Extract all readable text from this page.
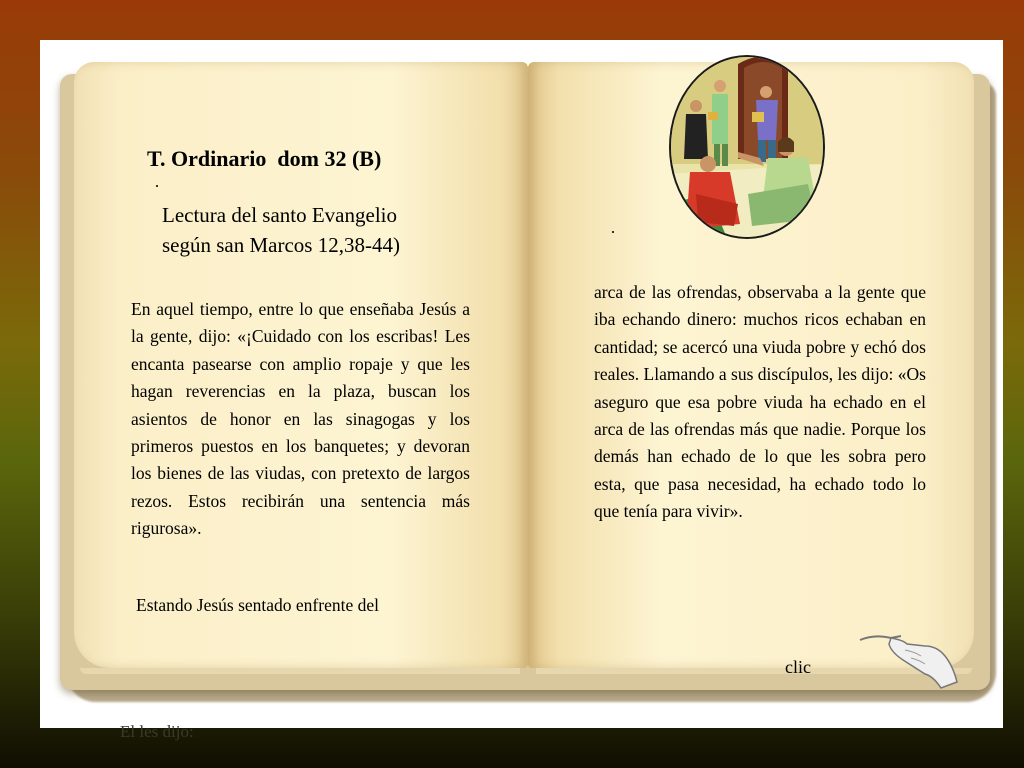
El les dijo:

T. Ordinario  dom 32 (B)

Lectura del santo Evangelio
según san Marcos 12,38-44)

En aquel tiempo, entre lo que enseñaba Jesús a la gente, dijo: «¡Cuidado con los escribas! Les encanta pasearse con amplio ropaje y que les hagan reverencias en la plaza, buscan los asientos de honor en las sinagogas y los primeros puestos en los banquetes; y devoran los bienes de las viudas, con pretexto de largos rezos. Estos recibirán una sentencia más rigurosa».

Estando Jesús sentado enfrente del

arca de las ofrendas, observaba a la gente que iba echando dinero: muchos ricos echaban en cantidad; se acercó una viuda pobre y echó dos reales. Llamando a sus discípulos, les dijo: «Os aseguro que esa pobre viuda ha echado en el arca de las ofrendas más que nadie. Porque los demás han echado de lo que les sobra pero esta, que pasa necesidad, ha echado todo lo que tenía para vivir».

clic
